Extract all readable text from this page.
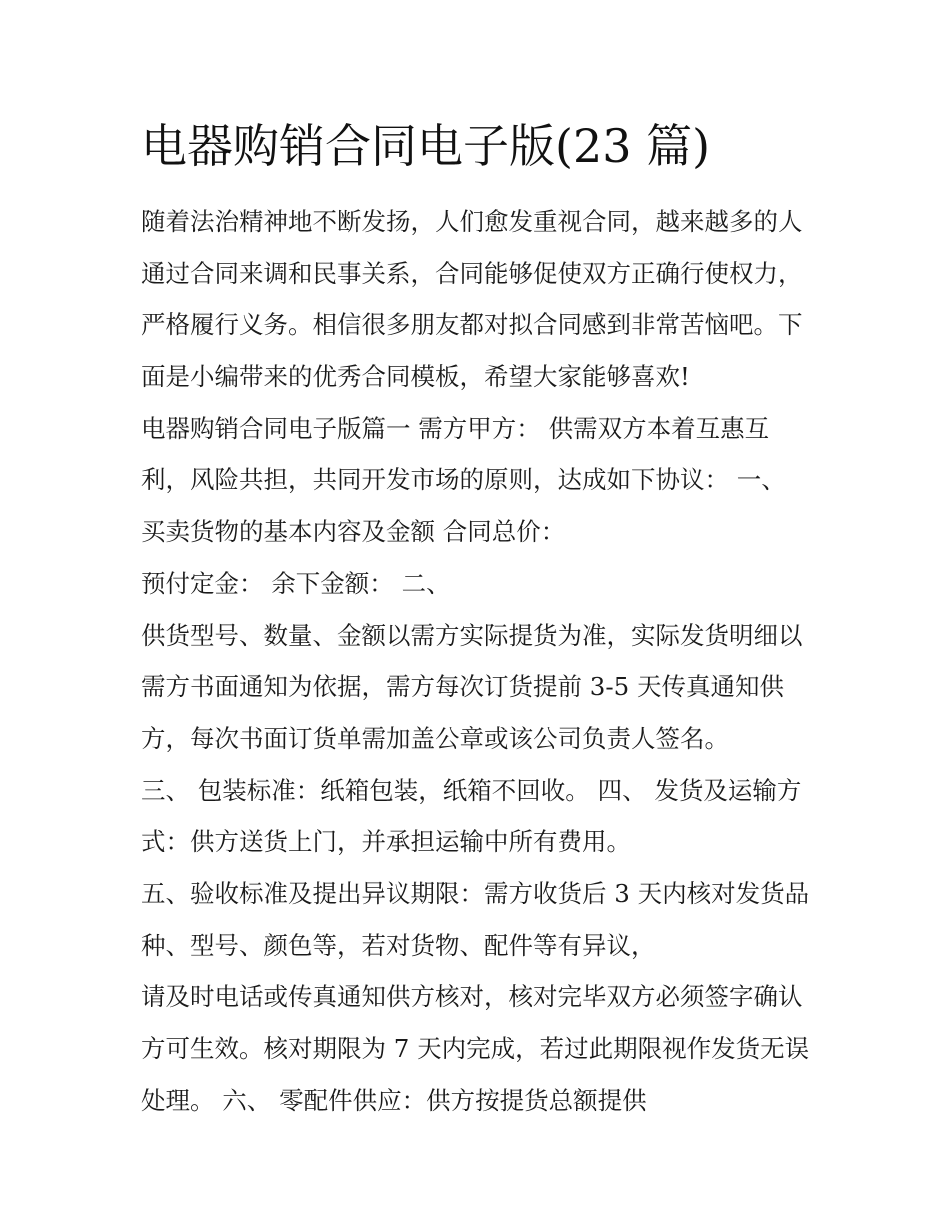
电器购销合同电子版(23 篇)
随着法治精神地不断发扬，人们愈发重视合同，越来越多的人
通过合同来调和民事关系，合同能够促使双方正确行使权力，
严格履行义务。相信很多朋友都对拟合同感到非常苦恼吧。下
面是小编带来的优秀合同模板，希望大家能够喜欢!
电器购销合同电子版篇一 需方甲方： 供需双方本着互惠互
利，风险共担，共同开发市场的原则，达成如下协议： 一、
买卖货物的基本内容及金额 合同总价：
预付定金： 余下金额： 二、
供货型号、数量、金额以需方实际提货为准，实际发货明细以
需方书面通知为依据，需方每次订货提前 3-5 天传真通知供
方，每次书面订货单需加盖公章或该公司负责人签名。
三、 包装标准：纸箱包装，纸箱不回收。 四、 发货及运输方
式：供方送货上门，并承担运输中所有费用。
五、验收标准及提出异议期限：需方收货后 3 天内核对发货品
种、型号、颜色等，若对货物、配件等有异议，
请及时电话或传真通知供方核对，核对完毕双方必须签字确认
方可生效。核对期限为 7 天内完成，若过此期限视作发货无误
处理。 六、 零配件供应：供方按提货总额提供
